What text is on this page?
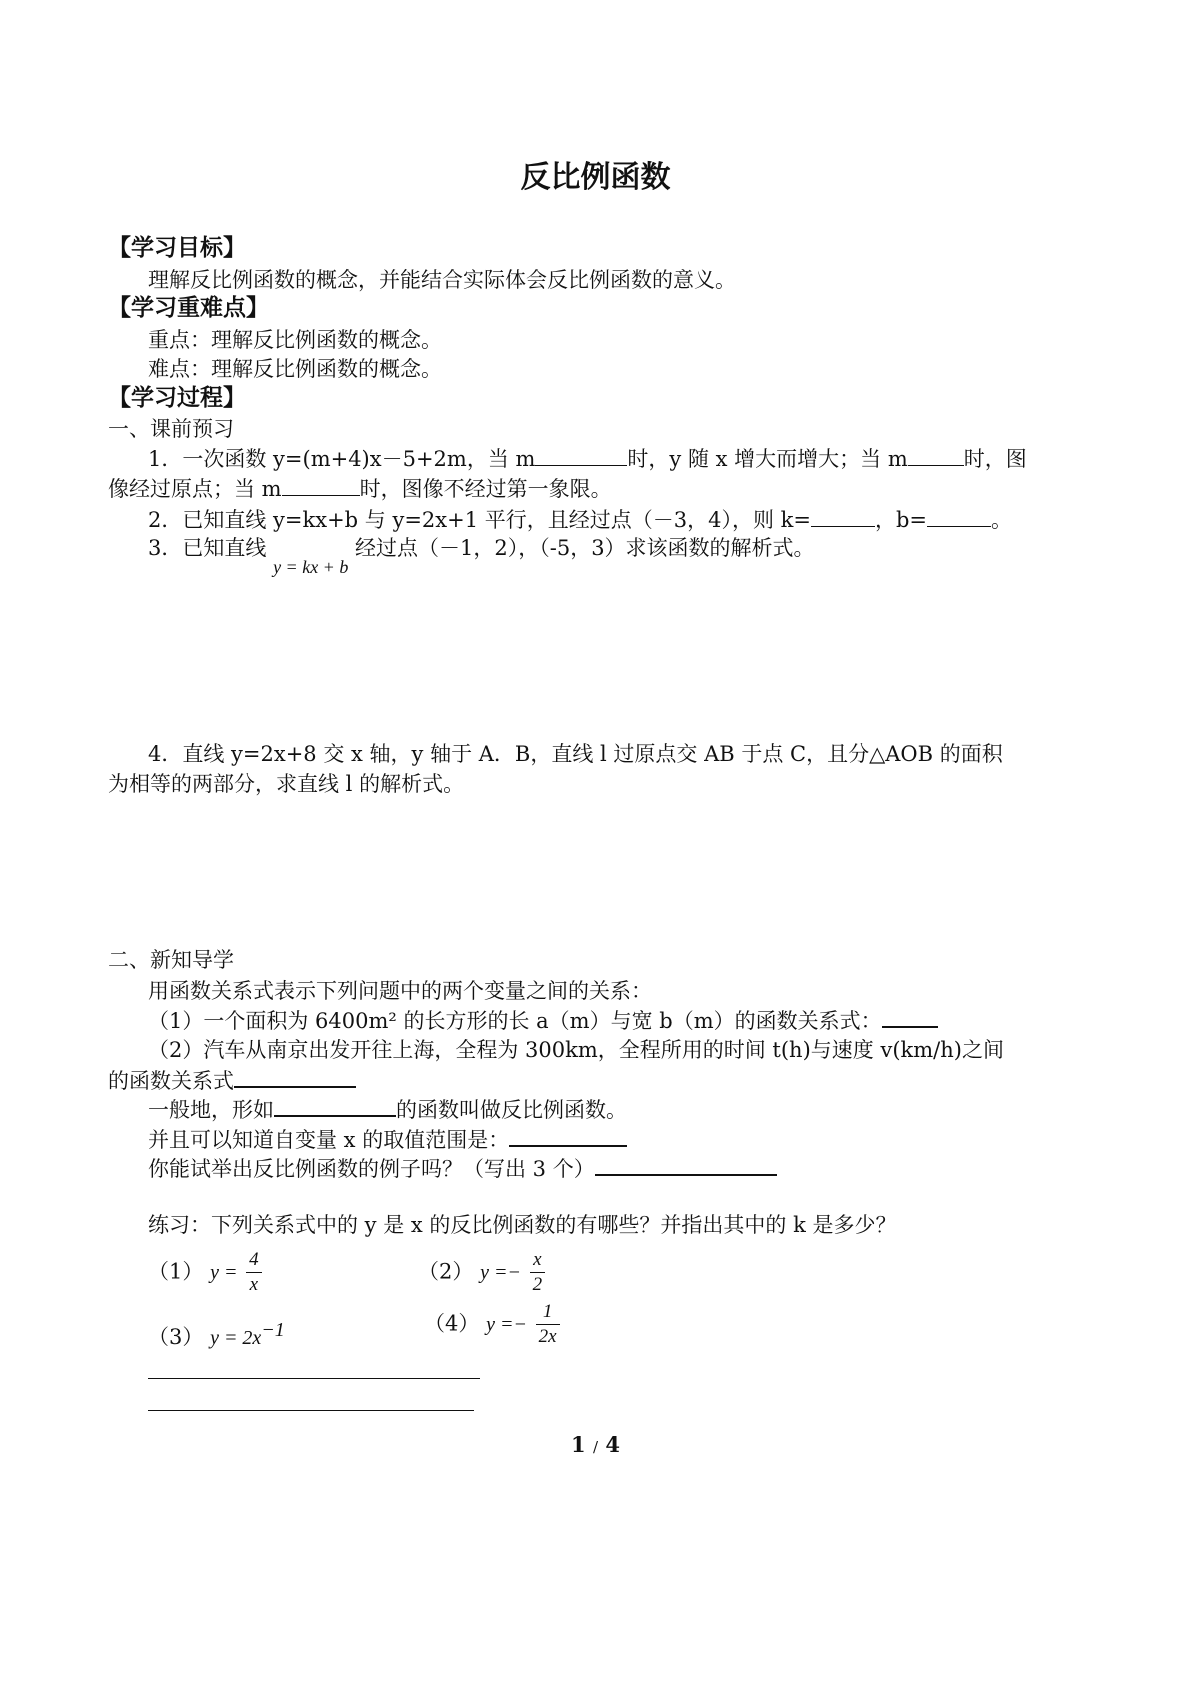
反比例函数
【学习目标】
理解反比例函数的概念，并能结合实际体会反比例函数的意义。
【学习重难点】
重点：理解反比例函数的概念。
难点：理解反比例函数的概念。
【学习过程】
一、课前预习
1．一次函数 y=(m+4)x－5+2m，当 m	时，y 随 x 增大而增大；当 m	时，图
像经过原点；当 m	时，图像不经过第一象限。
2．已知直线 y=kx+b 与 y=2x+1 平行，且经过点（－3，4），则 k=	，b=	。
3．已知直线 y = kx + b 经过点（－1，2），（-5，3）求该函数的解析式。
4．直线 y=2x+8 交 x 轴，y 轴于 A．B，直线 l 过原点交 AB 于点 C，且分△AOB 的面积
为相等的两部分，求直线 l 的解析式。
二、新知导学
用函数关系式表示下列问题中的两个变量之间的关系：
（1）一个面积为 6400m² 的长方形的长 a（m）与宽 b（m）的函数关系式：
（2）汽车从南京出发开往上海，全程为 300km，全程所用的时间 t(h)与速度 v(km/h)之间
的函数关系式
一般地，形如	的函数叫做反比例函数。
并且可以知道自变量 x 的取值范围是：
你能试举出反比例函数的例子吗？（写出 3 个）
练习：下列关系式中的 y 是 x 的反比例函数的有哪些？并指出其中的 k 是多少？
（1） $y = \frac{4}{x}$	（2） $y =- \frac{x}{2}$
（3） $y = 2x^{-1}$	（4） $y =- \frac{1}{2x}$
1 / 4
